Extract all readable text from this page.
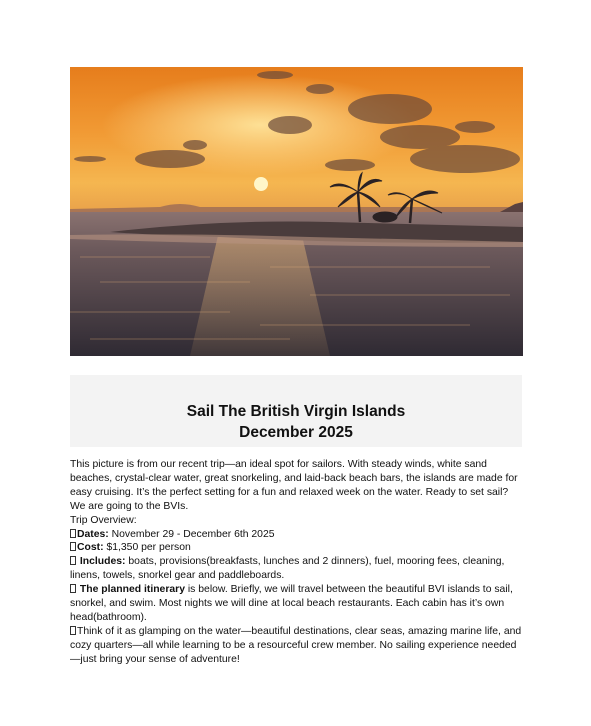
Sail The British Virgin Islands
December 2025

This picture is from our recent trip—an ideal spot for sailors. With steady winds, white sand beaches, crystal-clear water, great snorkeling, and laid-back beach bars, the islands are made for easy cruising. It’s the perfect setting for a fun and relaxed week on the water. Ready to set sail?

We are going to the BVIs.

Trip Overview:

Dates: November 29 - December 6th 2025

Cost: $1,350 per person

Includes: boats, provisions(breakfasts, lunches and 2 dinners), fuel, mooring fees, cleaning, linens, towels, snorkel gear and paddleboards.

The planned itinerary is below. Briefly, we will travel between the beautiful BVI islands to sail, snorkel, and swim. Most nights we will dine at local beach restaurants. Each cabin has it’s own head(bathroom).

Think of it as glamping on the water—beautiful destinations, clear seas, amazing marine life, and cozy quarters—all while learning to be a resourceful crew member. No sailing experience needed—just bring your sense of adventure!
